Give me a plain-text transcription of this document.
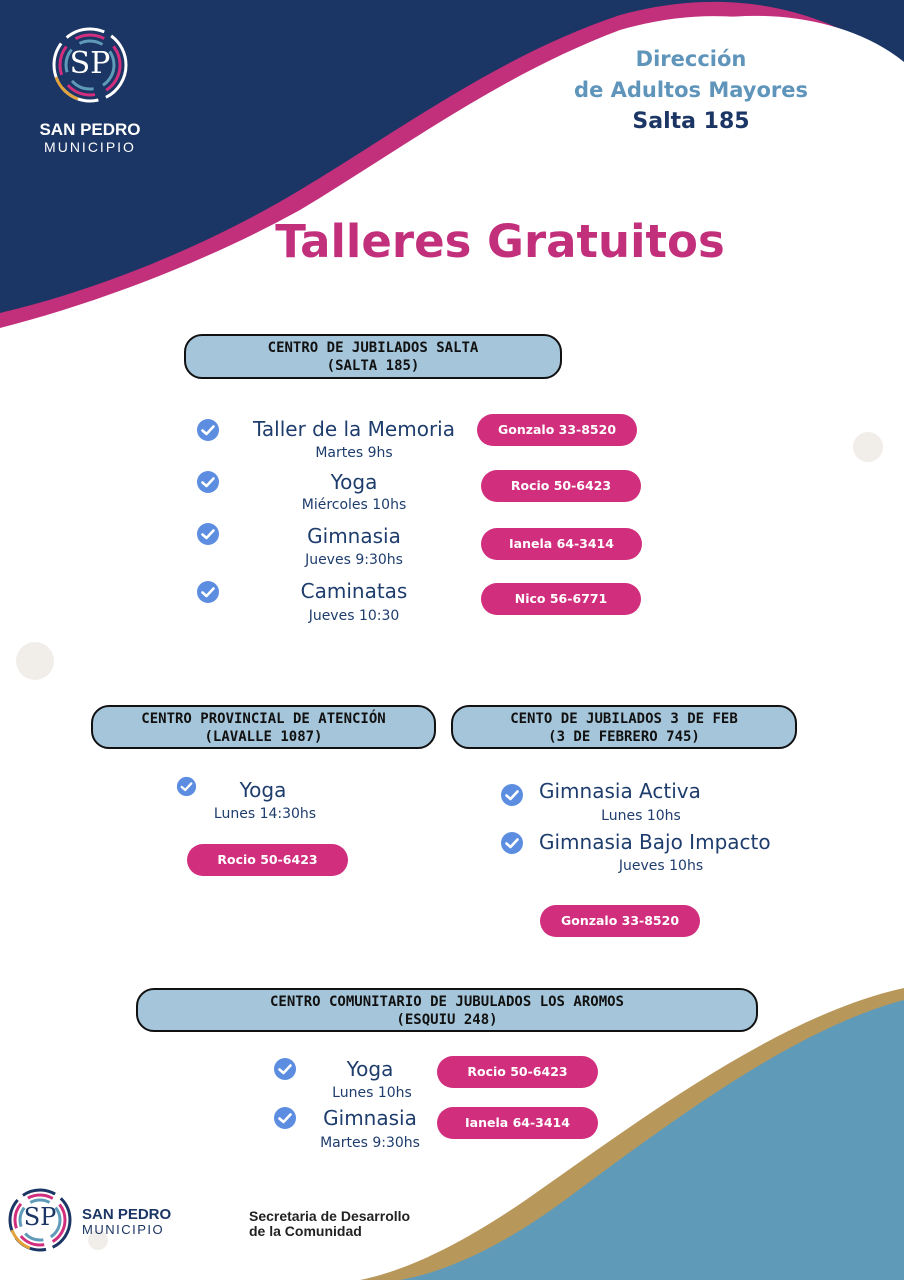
SP
SAN PEDRO
MUNICIPIO
Dirección
de Adultos Mayores
Salta 185
Talleres Gratuitos
CENTRO DE JUBILADOS SALTA
(SALTA 185)
Taller de la Memoria
Martes 9hs
Gonzalo 33-8520
Yoga
Miércoles 10hs
Rocio 50-6423
Gimnasia
Jueves 9:30hs
Ianela 64-3414
Caminatas
Jueves 10:30
Nico 56-6771
CENTRO PROVINCIAL DE ATENCIÓN
(LAVALLE 1087)
Yoga
Lunes 14:30hs
Rocio 50-6423
CENTO DE JUBILADOS 3 DE FEB
(3 DE FEBRERO 745)
Gimnasia Activa
Lunes 10hs
Gimnasia Bajo Impacto
Jueves 10hs
Gonzalo 33-8520
CENTRO COMUNITARIO DE JUBULADOS LOS AROMOS
(ESQUIU 248)
Yoga
Lunes 10hs
Rocio 50-6423
Gimnasia
Martes 9:30hs
Ianela 64-3414
SP	SAN PEDRO
MUNICIPIO
Secretaria de Desarrollo
de la Comunidad
